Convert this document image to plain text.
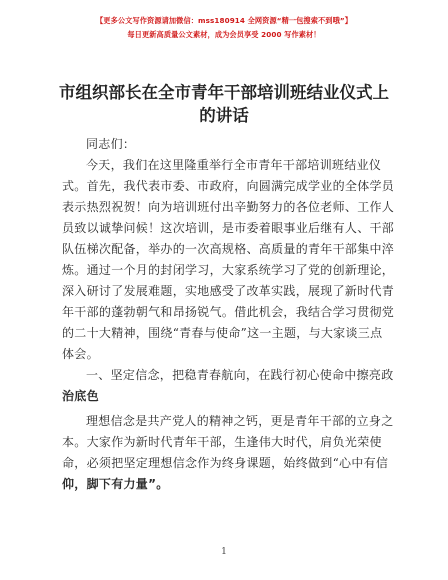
【更多公文写作资源请加微信：mss180914 全网资源“精一包搜索不到哦”】
每日更新高质量公文素材，成为会员享受 2000 写作素材！
市组织部长在全市青年干部培训班结业仪式上
的讲话
同志们：
今天，我们在这里隆重举行全市青年干部培训班结业仪
式。首先，我代表市委、市政府，向圆满完成学业的全体学员
表示热烈祝贺！向为培训班付出辛勤努力的各位老师、工作人
员致以诚挚问候！这次培训，是市委着眼事业后继有人、干部
队伍梯次配备，举办的一次高规格、高质量的青年干部集中淬
炼。通过一个月的封闭学习，大家系统学习了党的创新理论，
深入研讨了发展难题，实地感受了改革实践，展现了新时代青
年干部的蓬勃朝气和昂扬锐气。借此机会，我结合学习贯彻党
的二十大精神，围绕“青春与使命”这一主题，与大家谈三点
体会。
一、坚定信念，把稳青春航向，在践行初心使命中擦亮政
治底色
理想信念是共产党人的精神之钙，更是青年干部的立身之
本。大家作为新时代青年干部，生逢伟大时代，肩负光荣使
命，必须把坚定理想信念作为终身课题，始终做到“心中有信
仰，脚下有力量”。
1
